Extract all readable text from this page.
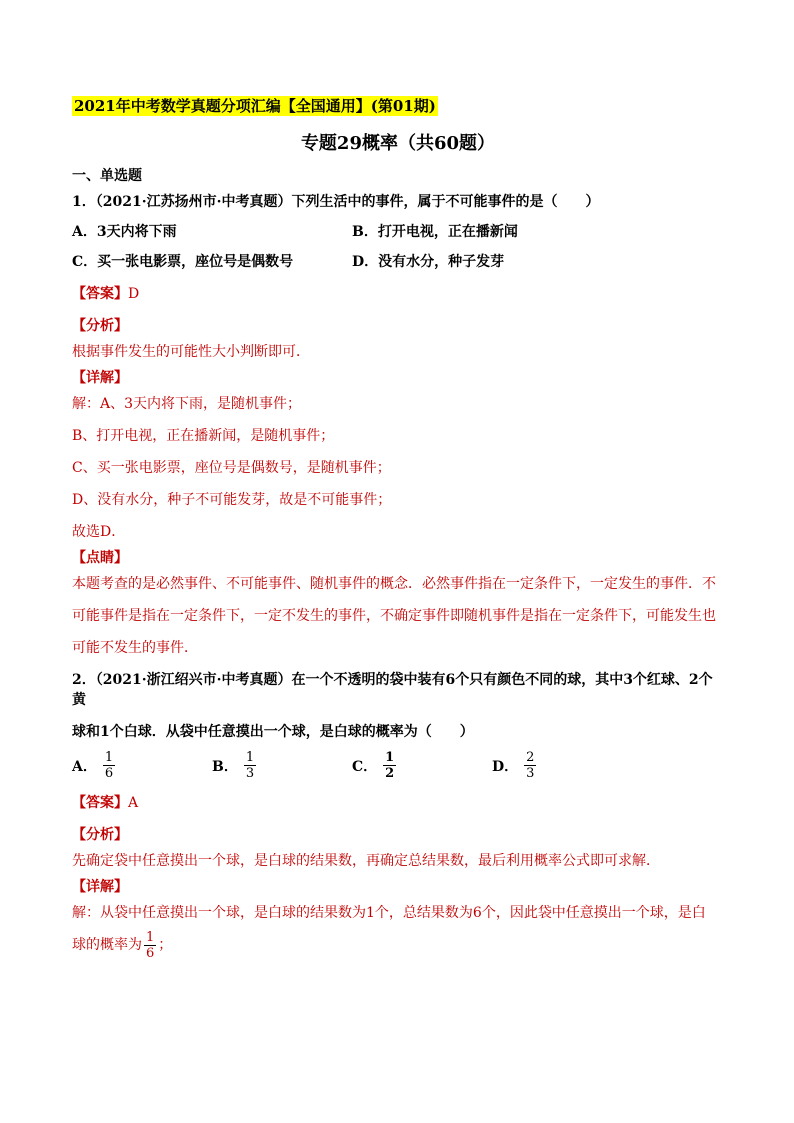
2021年中考数学真题分项汇编【全国通用】(第01期)
专题29概率（共60题）
一、单选题
1．（2021·江苏扬州市·中考真题）下列生活中的事件，属于不可能事件的是（　　）
A．3天内将下雨	B．打开电视，正在播新闻
C．买一张电影票，座位号是偶数号	D．没有水分，种子发芽
【答案】D
【分析】
根据事件发生的可能性大小判断即可．
【详解】
解：A、3天内将下雨，是随机事件；
B、打开电视，正在播新闻，是随机事件；
C、买一张电影票，座位号是偶数号，是随机事件；
D、没有水分，种子不可能发芽，故是不可能事件；
故选D．
【点睛】
本题考查的是必然事件、不可能事件、随机事件的概念．必然事件指在一定条件下，一定发生的事件．不
可能事件是指在一定条件下，一定不发生的事件，不确定事件即随机事件是指在一定条件下，可能发生也
可能不发生的事件．
2．（2021·浙江绍兴市·中考真题）在一个不透明的袋中装有6个只有颜色不同的球，其中3个红球、2个黄
球和1个白球．从袋中任意摸出一个球，是白球的概率为（　　）
A． $\frac{1}{6}$	B． $\frac{1}{3}$	C． $\frac{1}{2}$	D． $\frac{2}{3}$
【答案】A
【分析】
先确定袋中任意摸出一个球，是白球的结果数，再确定总结果数，最后利用概率公式即可求解．
【详解】
解：从袋中任意摸出一个球，是白球的结果数为1个，总结果数为6个，因此袋中任意摸出一个球，是白
球的概率为 $\frac{1}{6}$ ；
